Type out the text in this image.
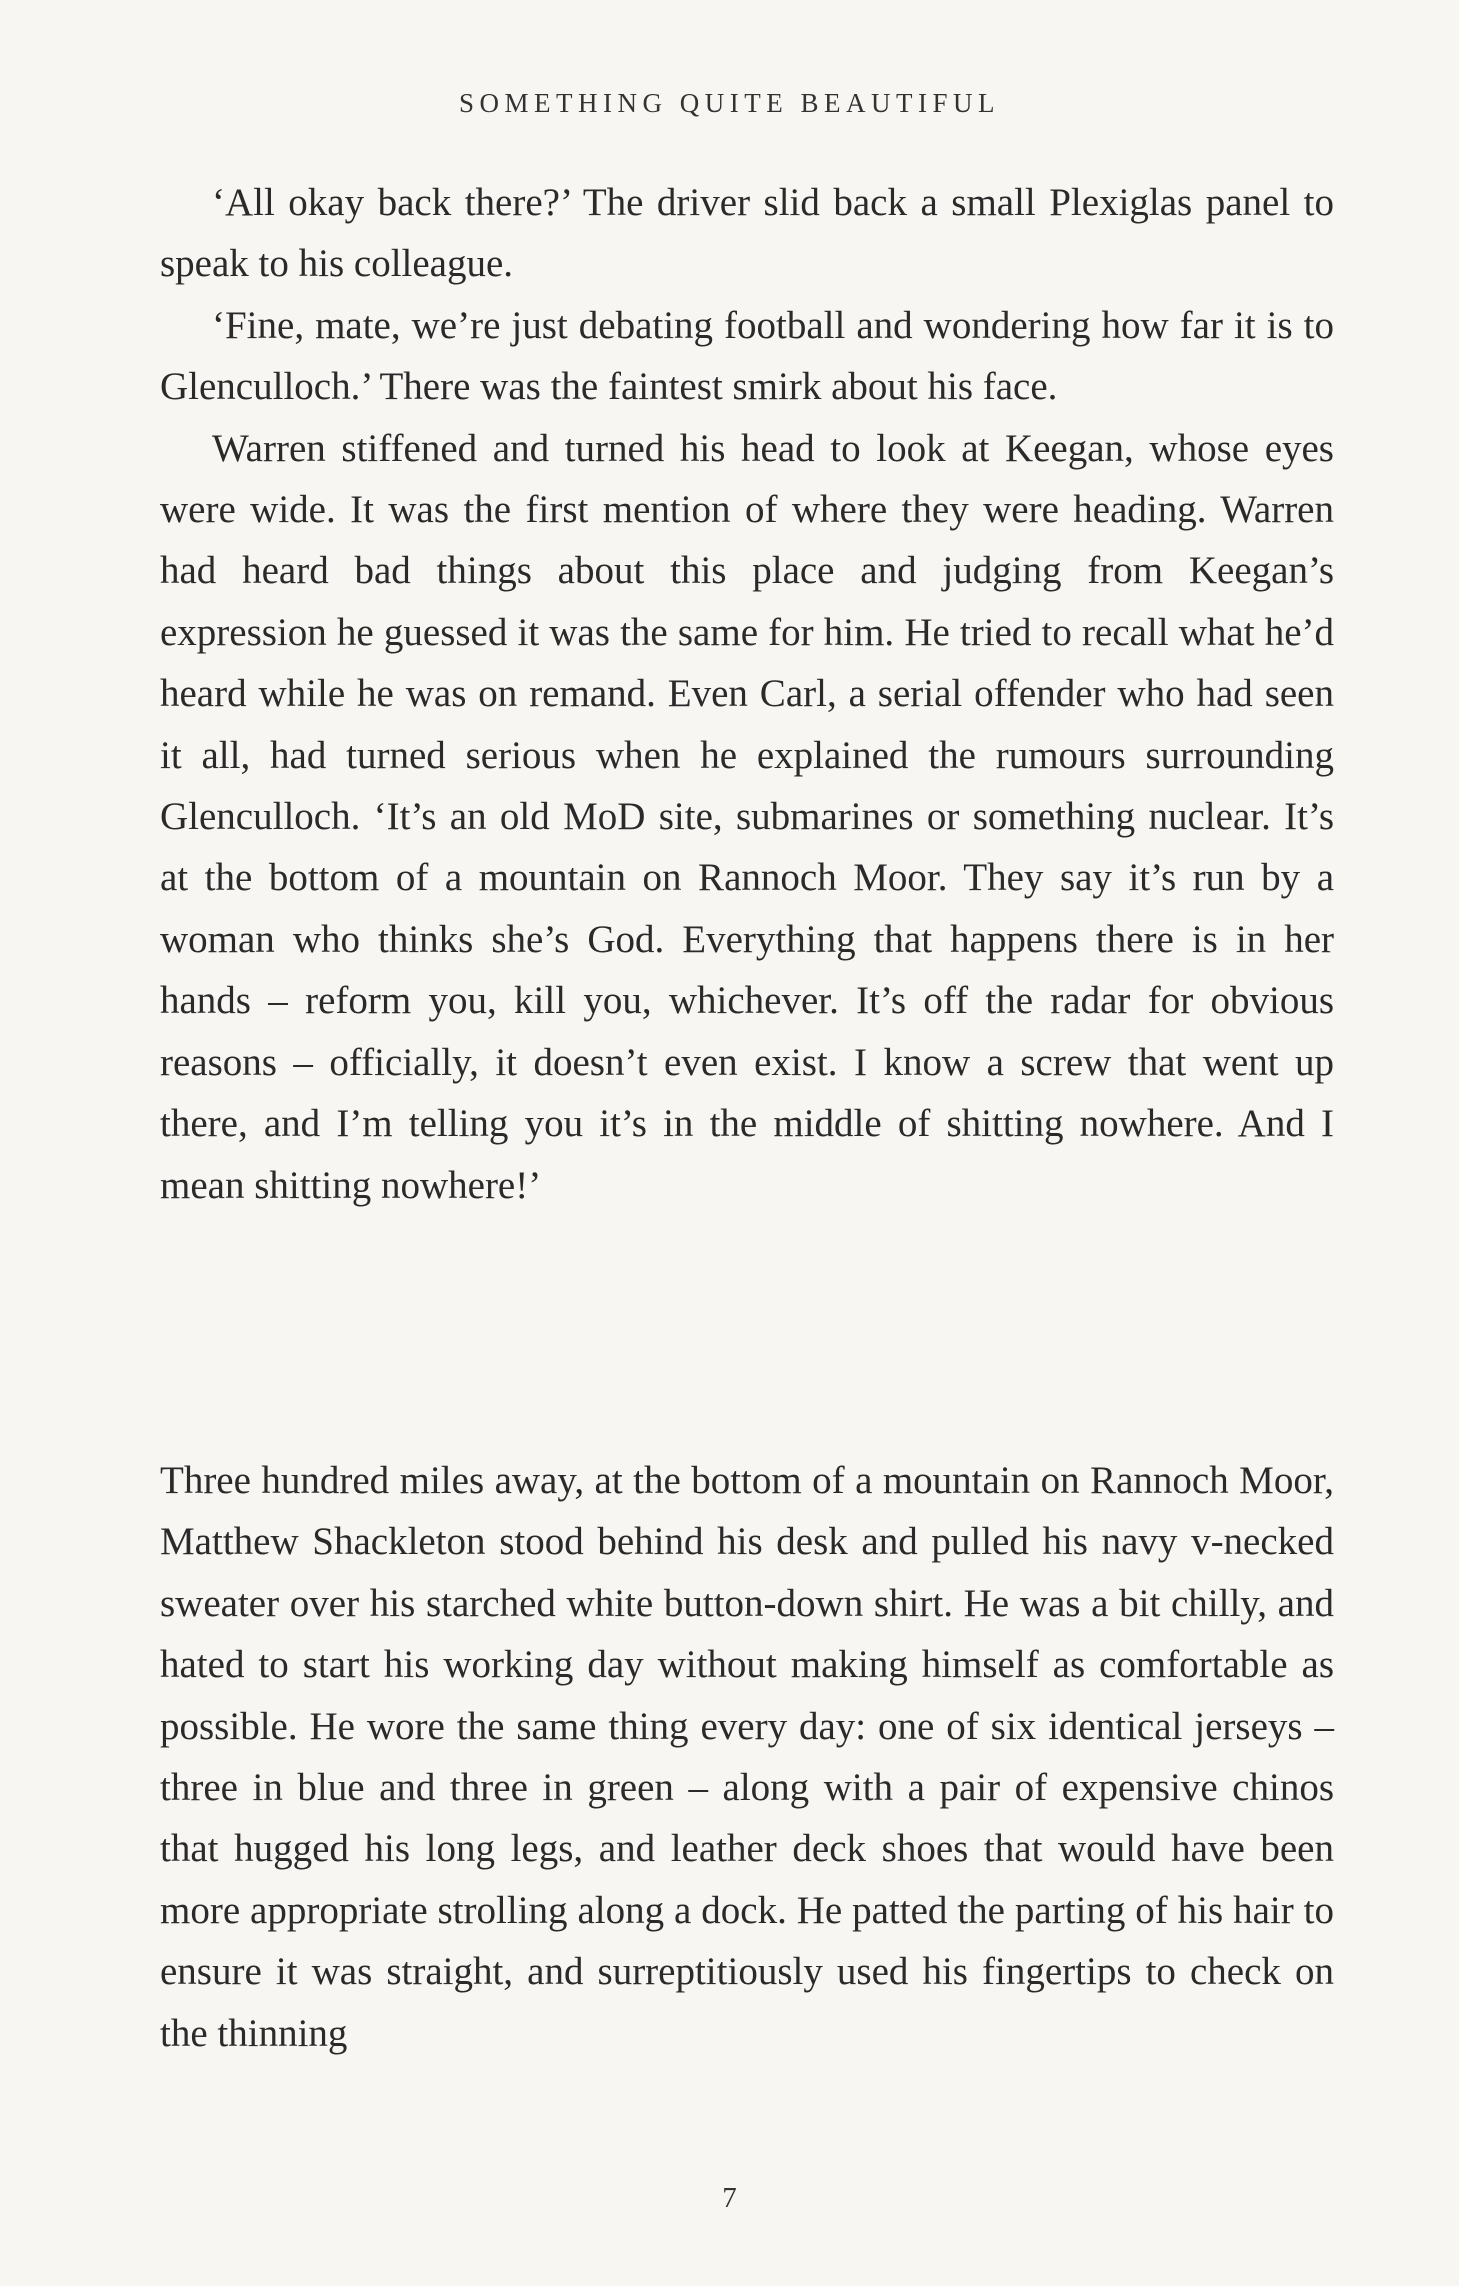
SOMETHING QUITE BEAUTIFUL

‘All okay back there?’ The driver slid back a small Plexiglas panel to speak to his colleague.

‘Fine, mate, we’re just debating football and wondering how far it is to Glenculloch.’ There was the faintest smirk about his face.

Warren stiffened and turned his head to look at Keegan, whose eyes were wide. It was the first mention of where they were heading. Warren had heard bad things about this place and judging from Keegan’s expression he guessed it was the same for him. He tried to recall what he’d heard while he was on remand. Even Carl, a serial offender who had seen it all, had turned serious when he explained the rumours surrounding Glenculloch. ‘It’s an old MoD site, submarines or something nuclear. It’s at the bottom of a mountain on Rannoch Moor. They say it’s run by a woman who thinks she’s God. Everything that happens there is in her hands – reform you, kill you, whichever. It’s off the radar for obvious reasons – officially, it doesn’t even exist. I know a screw that went up there, and I’m telling you it’s in the middle of shitting nowhere. And I mean shitting nowhere!’

Three hundred miles away, at the bottom of a mountain on Rannoch Moor, Matthew Shackleton stood behind his desk and pulled his navy v-necked sweater over his starched white button-down shirt. He was a bit chilly, and hated to start his working day without making himself as comfortable as possible. He wore the same thing every day: one of six identical jerseys – three in blue and three in green – along with a pair of expensive chinos that hugged his long legs, and leather deck shoes that would have been more appropriate strolling along a dock. He patted the parting of his hair to ensure it was straight, and surreptitiously used his fingertips to check on the thinning

7
